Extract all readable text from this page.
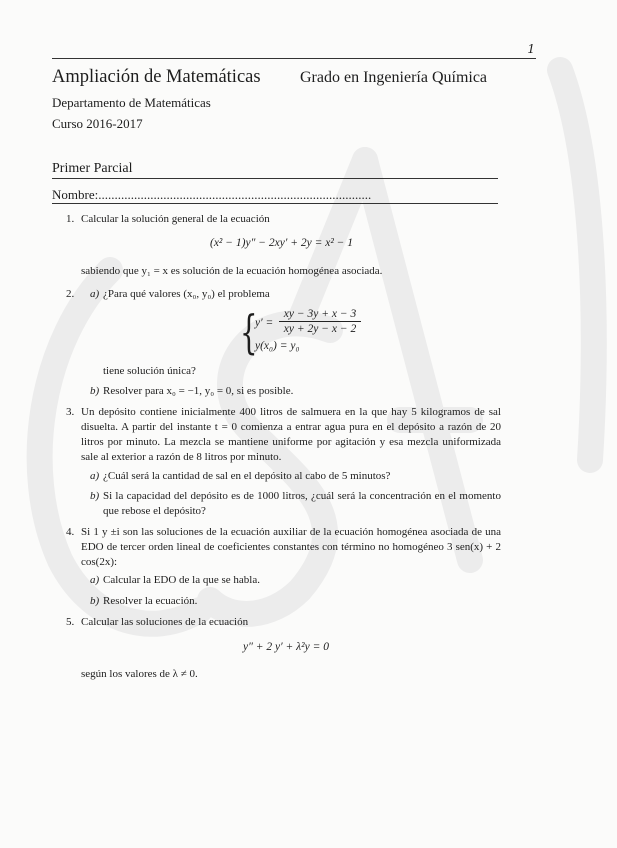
1
Ampliación de Matemáticas Grado en Ingeniería Química
Departamento de Matemáticas
Curso 2016-2017
Primer Parcial
Nombre:....................................................................................
1. Calcular la solución general de la ecuación
(x² − 1)y″ − 2xy′ + 2y = x² − 1
sabiendo que y₁ = x es solución de la ecuación homogénea asociada.
2. a) ¿Para qué valores (x₀, y₀) el problema
{
y′ =
xy − 3y + x − 3
xy + 2y − x − 2
y(x₀) = y₀
tiene solución única?
b) Resolver para x₀ = −1, y₀ = 0, si es posible.
3. Un depósito contiene inicialmente 400 litros de salmuera en la que hay 5 kilogramos de sal disuelta. A partir del instante t = 0 comienza a entrar agua pura en el depósito a razón de 20 litros por minuto. La mezcla se mantiene uniforme por agitación y esa mezcla uniformizada sale al exterior a razón de 8 litros por minuto.
a) ¿Cuál será la cantidad de sal en el depósito al cabo de 5 minutos?
b) Si la capacidad del depósito es de 1000 litros, ¿cuál será la concentración en el momento que rebose el depósito?
4. Si 1 y ±i son las soluciones de la ecuación auxiliar de la ecuación homogénea asociada de una EDO de tercer orden lineal de coeficientes constantes con término no homogéneo 3 sen(x) + 2 cos(2x):
a) Calcular la EDO de la que se habla.
b) Resolver la ecuación.
5. Calcular las soluciones de la ecuación
y″ + 2 y′ + λ²y = 0
según los valores de λ ≠ 0.
